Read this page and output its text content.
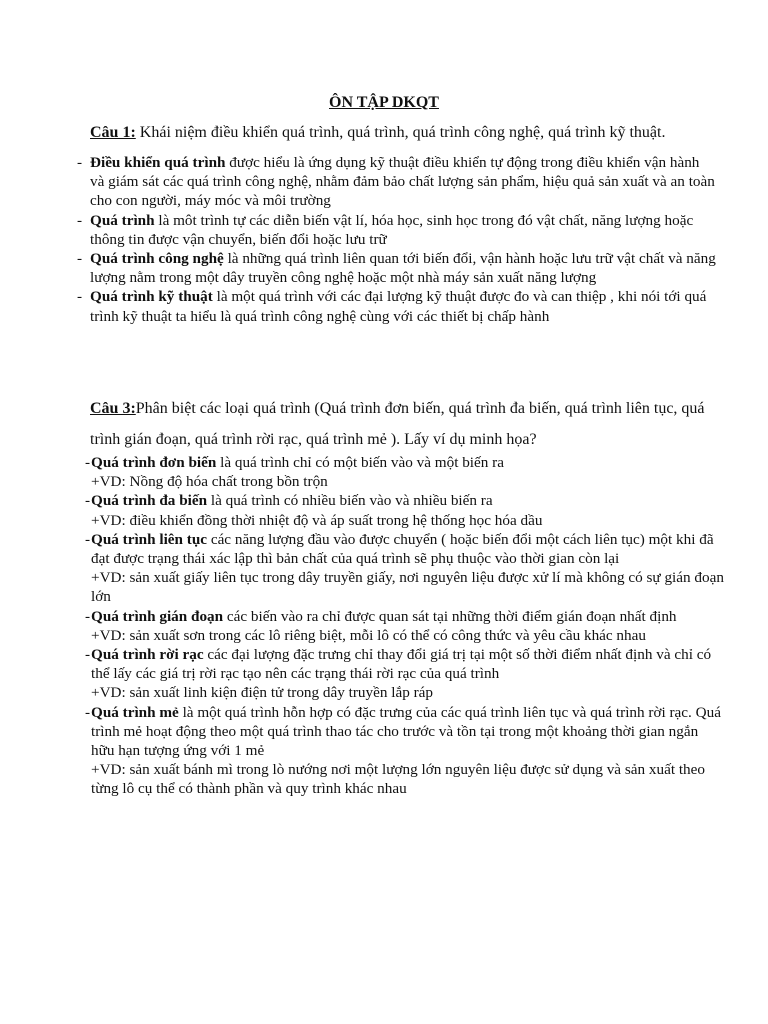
ÔN TẬP DKQT
Câu 1: Khái niệm điều khiển quá trình, quá trình, quá trình công nghệ, quá trình kỹ thuật.
- Điều khiển quá trình được hiểu là ứng dụng kỹ thuật điều khiển tự động trong điều khiển vận hành và giám sát các quá trình công nghệ, nhằm đảm bảo chất lượng sản phẩm, hiệu quả sản xuất và an toàn cho con người, máy móc và môi trường
- Quá trình là môt trình tự các diễn biến vật lí, hóa học, sinh học trong đó vật chất, năng lượng hoặc thông tin được vận chuyển, biến đổi hoặc lưu trữ
- Quá trình công nghệ là những quá trình liên quan tới biến đổi, vận hành hoặc lưu trữ vật chất và năng lượng nằm trong một dây truyền công nghệ hoặc một nhà máy sản xuất năng lượng
- Quá trình kỹ thuật là một quá trình với các đại lượng kỹ thuật được đo và can thiệp , khi nói tới quá trình kỹ thuật ta hiểu là quá trình công nghệ cùng với các thiết bị chấp hành
Câu 3:Phân biệt các loại quá trình (Quá trình đơn biến, quá trình đa biến, quá trình liên tục, quá trình gián đoạn, quá trình rời rạc, quá trình mẻ ). Lấy ví dụ minh họa?
- Quá trình đơn biến là quá trình chỉ có một biến vào và một biến ra
+VD: Nồng độ hóa chất trong bồn trộn
- Quá trình đa biến là quá trình có nhiều biến vào và nhiều biến ra
+VD: điều khiển đồng thời nhiệt độ và áp suất trong hệ thống học hóa dầu
- Quá trình liên tục các năng lượng đầu vào được chuyển ( hoặc biến đổi một cách liên tục) một khi đã đạt được trạng thái xác lập thì bản chất của quá trình sẽ phụ thuộc vào thời gian còn lại
+VD: sản xuất giấy liên tục trong dây truyền giấy, nơi nguyên liệu được xử lí mà không có sự gián đoạn lớn
- Quá trình gián đoạn các biến vào ra chỉ được quan sát tại những thời điểm gián đoạn nhất định
+VD: sản xuất sơn trong các lô riêng biệt, mỗi lô có thể có công thức và yêu cầu khác nhau
- Quá trình rời rạc các đại lượng đặc trưng chỉ thay đổi giá trị tại một số thời điểm nhất định và chỉ có thể lấy các giá trị rời rạc tạo nên các trạng thái rời rạc của quá trình
+VD: sản xuất linh kiện điện tử trong dây truyền lắp ráp
- Quá trình mẻ là một quá trình hỗn hợp có đặc trưng của các quá trình liên tục và quá trình rời rạc. Quá trình mẻ hoạt động theo một quá trình thao tác cho trước và tồn tại trong một khoảng thời gian ngắn hữu hạn tượng ứng với 1 mẻ
+VD: sản xuất bánh mì trong lò nướng nơi một lượng lớn nguyên liệu được sử dụng và sản xuất theo từng lô cụ thể có thành phần và quy trình khác nhau
